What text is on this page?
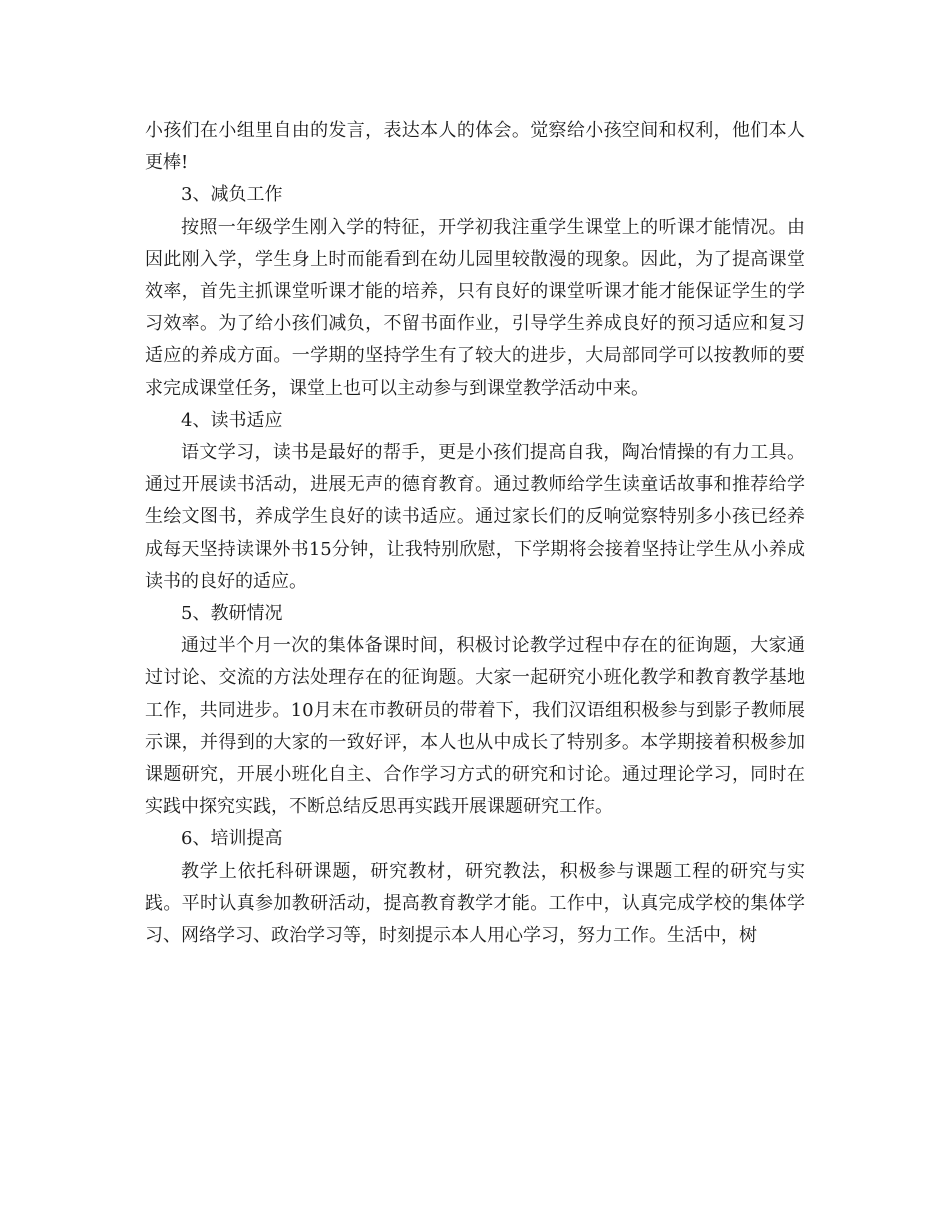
小孩们在小组里自由的发言，表达本人的体会。觉察给小孩空间和权利，他们本人更棒!

3、减负工作

按照一年级学生刚入学的特征，开学初我注重学生课堂上的听课才能情况。由因此刚入学，学生身上时而能看到在幼儿园里较散漫的现象。因此，为了提高课堂效率，首先主抓课堂听课才能的培养，只有良好的课堂听课才能才能保证学生的学习效率。为了给小孩们减负，不留书面作业，引导学生养成良好的预习适应和复习适应的养成方面。一学期的坚持学生有了较大的进步，大局部同学可以按教师的要求完成课堂任务，课堂上也可以主动参与到课堂教学活动中来。

4、读书适应

语文学习，读书是最好的帮手，更是小孩们提高自我，陶冶情操的有力工具。通过开展读书活动，进展无声的德育教育。通过教师给学生读童话故事和推荐给学生绘文图书，养成学生良好的读书适应。通过家长们的反响觉察特别多小孩已经养成每天坚持读课外书15分钟，让我特别欣慰，下学期将会接着坚持让学生从小养成读书的良好的适应。

5、教研情况

通过半个月一次的集体备课时间，积极讨论教学过程中存在的征询题，大家通过讨论、交流的方法处理存在的征询题。大家一起研究小班化教学和教育教学基地工作，共同进步。10月末在市教研员的带着下，我们汉语组积极参与到影子教师展示课，并得到的大家的一致好评，本人也从中成长了特别多。本学期接着积极参加课题研究，开展小班化自主、合作学习方式的研究和讨论。通过理论学习，同时在实践中探究实践，不断总结反思再实践开展课题研究工作。

6、培训提高

教学上依托科研课题，研究教材，研究教法，积极参与课题工程的研究与实践。平时认真参加教研活动，提高教育教学才能。工作中，认真完成学校的集体学习、网络学习、政治学习等，时刻提示本人用心学习，努力工作。生活中，树
